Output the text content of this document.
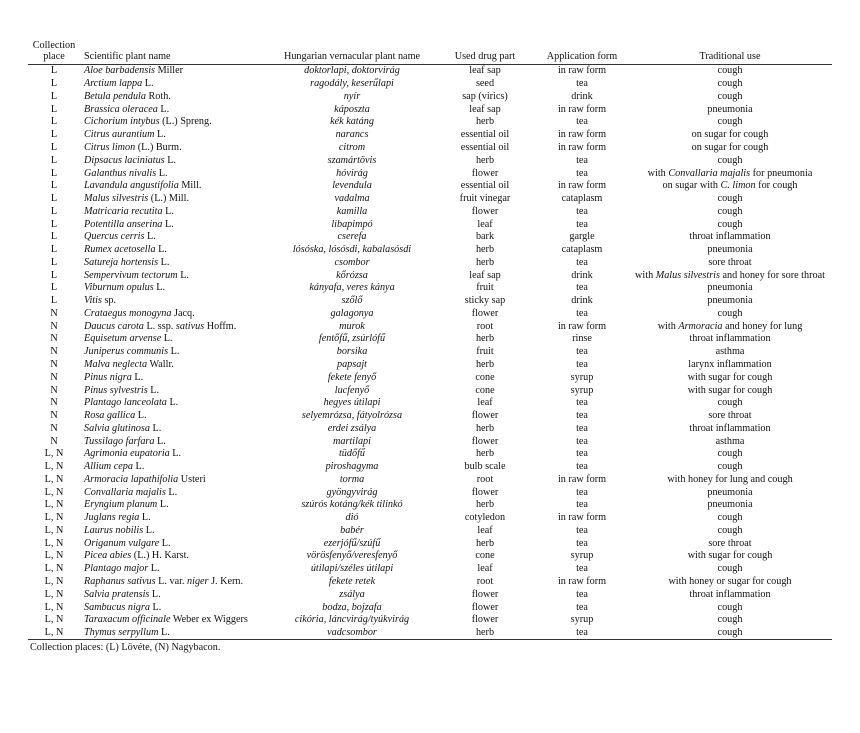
Collection place	Scientific plant name	Hungarian vernacular plant name	Used drug part	Application form	Traditional use
L	Aloe barbadensis Miller	doktorlapi, doktorvirág	leaf sap	in raw form	cough
L	Arctium lappa L.	ragodály, keserűlapi	seed	tea	cough
L	Betula pendula Roth.	nyír	sap (virics)	drink	cough
L	Brassica oleracea L.	káposzta	leaf sap	in raw form	pneumonia
L	Cichorium intybus (L.) Spreng.	kék katáng	herb	tea	cough
L	Citrus aurantium L.	narancs	essential oil	in raw form	on sugar for cough
L	Citrus limon (L.) Burm.	citrom	essential oil	in raw form	on sugar for cough
L	Dipsacus laciniatus L.	szamártövis	herb	tea	cough
L	Galanthus nivalis L.	hóvirág	flower	tea	with Convallaria majalis for pneumonia
L	Lavandula angustifolia Mill.	levendula	essential oil	in raw form	on sugar with C. limon for cough
L	Malus silvestris (L.) Mill.	vadalma	fruit vinegar	cataplasm	cough
L	Matricaria recutita L.	kamilla	flower	tea	cough
L	Potentilla anserina L.	libapimpó	leaf	tea	cough
L	Quercus cerris L.	cserefa	bark	gargle	throat inflammation
L	Rumex acetosella L.	lósóska, lósósdi, kabalasósdi	herb	cataplasm	pneumonia
L	Satureja hortensis L.	csombor	herb	tea	sore throat
L	Sempervivum tectorum L.	kőrózsa	leaf sap	drink	with Malus silvestris and honey for sore throat
L	Viburnum opulus L.	kányafa, veres kánya	fruit	tea	pneumonia
L	Vitis sp.	szőlő	sticky sap	drink	pneumonia
N	Crataegus monogyna Jacq.	galagonya	flower	tea	cough
N	Daucus carota L. ssp. sativus Hoffm.	murok	root	in raw form	with Armoracia and honey for lung
N	Equisetum arvense L.	fentőfű, zsúrlófű	herb	rinse	throat inflammation
N	Juniperus communis L.	borsika	fruit	tea	asthma
N	Malva neglecta Wallr.	papsajt	herb	tea	larynx inflammation
N	Pinus nigra L.	fekete fenyő	cone	syrup	with sugar for cough
N	Pinus sylvestris L.	lucfenyő	cone	syrup	with sugar for cough
N	Plantago lanceolata L.	hegyes útilapi	leaf	tea	cough
N	Rosa gallica L.	selyemrózsa, fátyolrózsa	flower	tea	sore throat
N	Salvia glutinosa L.	erdei zsálya	herb	tea	throat inflammation
N	Tussilago farfara L.	martilapi	flower	tea	asthma
L, N	Agrimonia eupatoria L.	tüdőfű	herb	tea	cough
L, N	Allium cepa L.	piroshagyma	bulb scale	tea	cough
L, N	Armoracia lapathifolia Usteri	torma	root	in raw form	with honey for lung and cough
L, N	Convallaria majalis L.	gyöngyvirág	flower	tea	pneumonia
L, N	Eryngium planum L.	szúrós kotáng/kék tilinkó	herb	tea	pneumonia
L, N	Juglans regia L.	dió	cotyledon	in raw form	cough
L, N	Laurus nobilis L.	babér	leaf	tea	cough
L, N	Origanum vulgare L.	ezerjófű/szúfű	herb	tea	sore throat
L, N	Picea abies (L.) H. Karst.	vörösfenyő/veresfenyő	cone	syrup	with sugar for cough
L, N	Plantago major L.	útilapi/széles útilapi	leaf	tea	cough
L, N	Raphanus sativus L. var. niger J. Kern.	fekete retek	root	in raw form	with honey or sugar for cough
L, N	Salvia pratensis L.	zsálya	flower	tea	throat inflammation
L, N	Sambucus nigra L.	bodza, bojzafa	flower	tea	cough
L, N	Taraxacum officinale Weber ex Wiggers	cikória, láncvirág/tyúkvirág	flower	syrup	cough
L, N	Thymus serpyllum L.	vadcsombor	herb	tea	cough
Collection places: (L) Lövéte, (N) Nagybacon.
